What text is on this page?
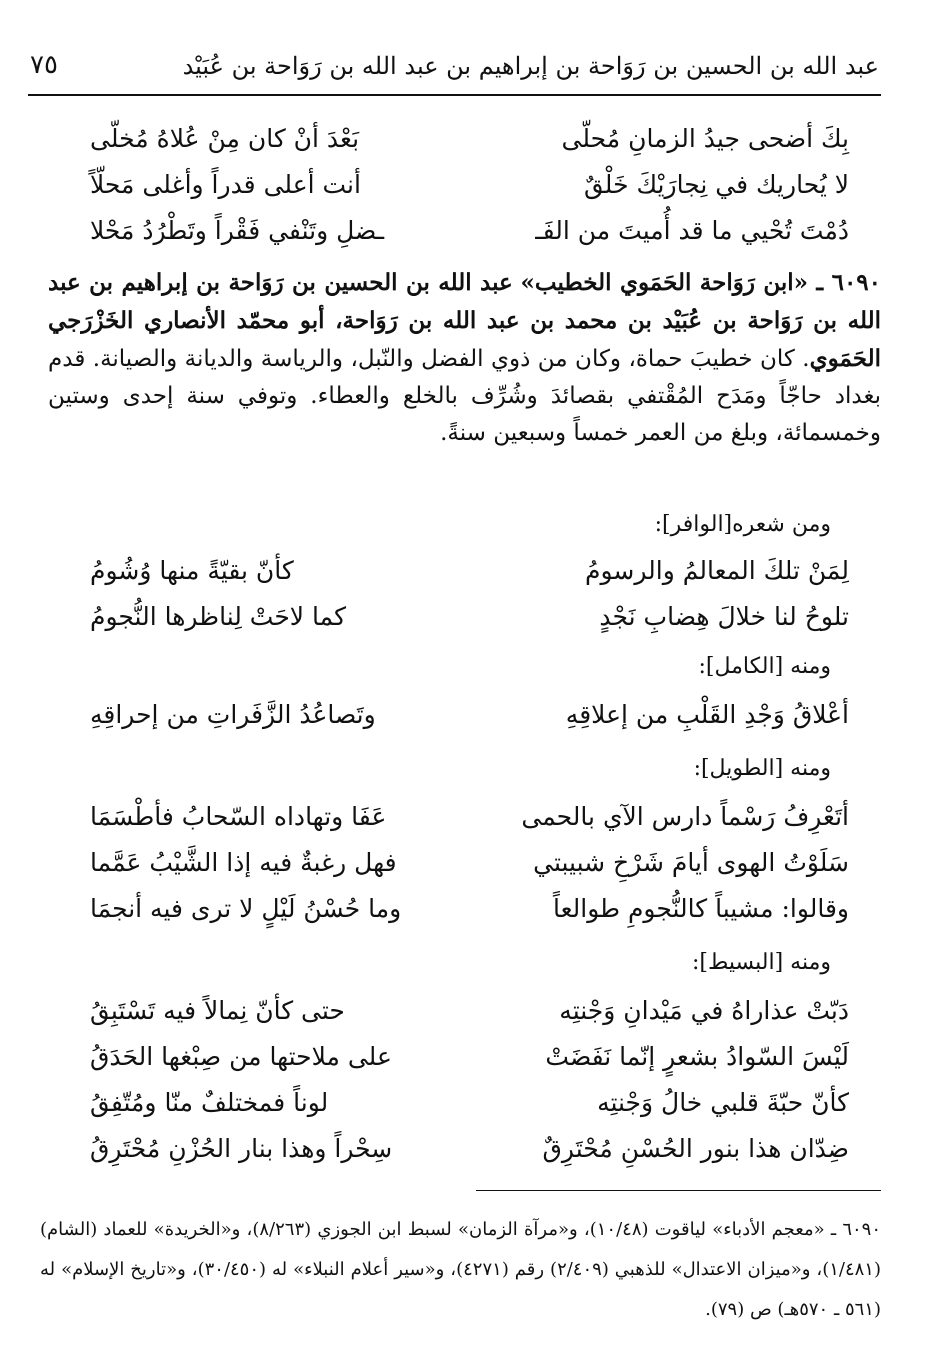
عبد الله بن الحسين بن رَوَاحة بن إبراهيم بن عبد الله بن رَوَاحة بن عُبَيْد
٧٥
بِكَ أضحى جيدُ الزمانِ مُحلّى
بَعْدَ أنْ كان مِنْ عُلاهُ مُخلّى
لا يُحاريك في نِجارَيْكَ خَلْقٌ
أنت أعلى قدراً وأغلى مَحلّاً
دُمْتَ تُحْيي ما قد أُميتَ من الفَـ
ـضلِ وتَنْفي فَقْراً وتَطْرُدُ مَحْلا
٦٠٩٠ ـ «ابن رَوَاحة الحَمَوي الخطيب» عبد الله بن الحسين بن رَوَاحة بن إبراهيم بن عبد الله بن رَوَاحة بن عُبَيْد بن محمد بن عبد الله بن رَوَاحة، أبو محمّد الأنصاري الخَزْرَجي الحَمَوي. كان خطيبَ حماة، وكان من ذوي الفضل والنّبل، والرياسة والديانة والصيانة. قدم بغداد حاجّاً ومَدَح المُقْتفي بقصائدَ وشُرِّف بالخلع والعطاء. وتوفي سنة إحدى وستين وخمسمائة، وبلغ من العمر خمساً وسبعين سنةً.
ومن شعره[الوافر]:
لِمَنْ تلكَ المعالمُ والرسومُ
كأنّ بقيّةً منها وُشُومُ
تلوحُ لنا خلالَ هِضابِ نَجْدٍ
كما لاحَتْ لِناظرها النُّجومُ
ومنه [الكامل]:
أعْلاقُ وَجْدِ القَلْبِ من إعلاقِهِ
وتَصاعُدُ الزَّفَراتِ من إحراقِهِ
ومنه [الطويل]:
أتَعْرِفُ رَسْماً دارس الآي بالحمى
عَفَا وتهاداه السّحابُ فأطْسَمَا
سَلَوْتُ الهوى أيامَ شَرْخِ شبيبتي
فهل رغبةٌ فيه إذا الشَّيْبُ عَمَّما
وقالوا: مشيباً كالنُّجومِ طوالعاً
وما حُسْنُ لَيْلٍ لا ترى فيه أنجمَا
ومنه [البسيط]:
دَبّتْ عذاراهُ في مَيْدانِ وَجْنتِه
حتى كأنّ نِمالاً فيه تَسْتَبِقُ
لَيْسَ السّوادُ بشعرٍ إنّما نَفَضَتْ
على ملاحتها من صِبْغها الحَدَقُ
كأنّ حبّةَ قلبي خالُ وَجْنتِه
لوناً فمختلفٌ منّا ومُتّفِقُ
ضِدّان هذا بنور الحُسْنِ مُحْتَرِقٌ
سِحْراً وهذا بنار الحُزْنِ مُحْتَرِقُ
٦٠٩٠ ـ «معجم الأدباء» لياقوت (١٠/٤٨)، و«مرآة الزمان» لسبط ابن الجوزي (٨/٢٦٣)، و«الخريدة» للعماد (الشام) (١/٤٨١)، و«ميزان الاعتدال» للذهبي (٢/٤٠٩) رقم (٤٢٧١)، و«سير أعلام النبلاء» له (٣٠/٤٥٠)، و«تاريخ الإسلام» له (٥٦١ ـ ٥٧٠هـ) ص (٧٩).
